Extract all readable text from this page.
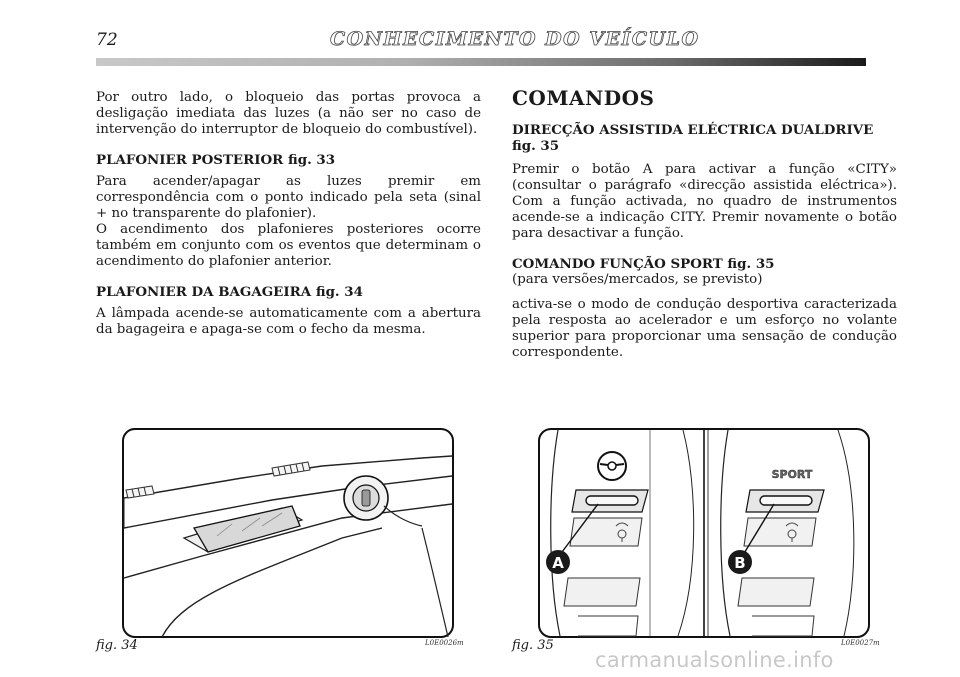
72	CONHECIMENTO DO VEÍCULO

Por outro lado, o bloqueio das portas provoca a desligação imediata das luzes (a não ser no caso de intervenção do interruptor de bloqueio do combustível).

PLAFONIER POSTERIOR fig. 33

Para acender/apagar as luzes premir em correspondência com o ponto indicado pela seta (sinal + no transparente do plafonier).

O acendimento dos plafonieres posteriores ocorre também em conjunto com os eventos que determinam o acendimento do plafonier anterior.

PLAFONIER DA BAGAGEIRA fig. 34

A lâmpada acende-se automaticamente com a abertura da bagageira e apaga-se com o fecho da mesma.

COMANDOS
DIRECÇÃO ASSISTIDA ELÉCTRICA DUALDRIVE
fig. 35

Premir o botão A para activar a função «CITY» (consultar o parágrafo «direcção assistida eléctrica»). Com a função activada, no quadro de instrumentos acende-se a indicação CITY. Premir novamente o botão para desactivar a função.

COMANDO FUNÇÃO SPORT fig. 35

(para versões/mercados, se previsto)

activa-se o modo de condução desportiva caracterizada pela resposta ao acelerador e um esforço no volante superior para proporcionar uma sensação de condução correspondente.

A
SPORT
B
fig. 34	L0E0026m	fig. 35	L0E0027m
carmanualsonline.info
